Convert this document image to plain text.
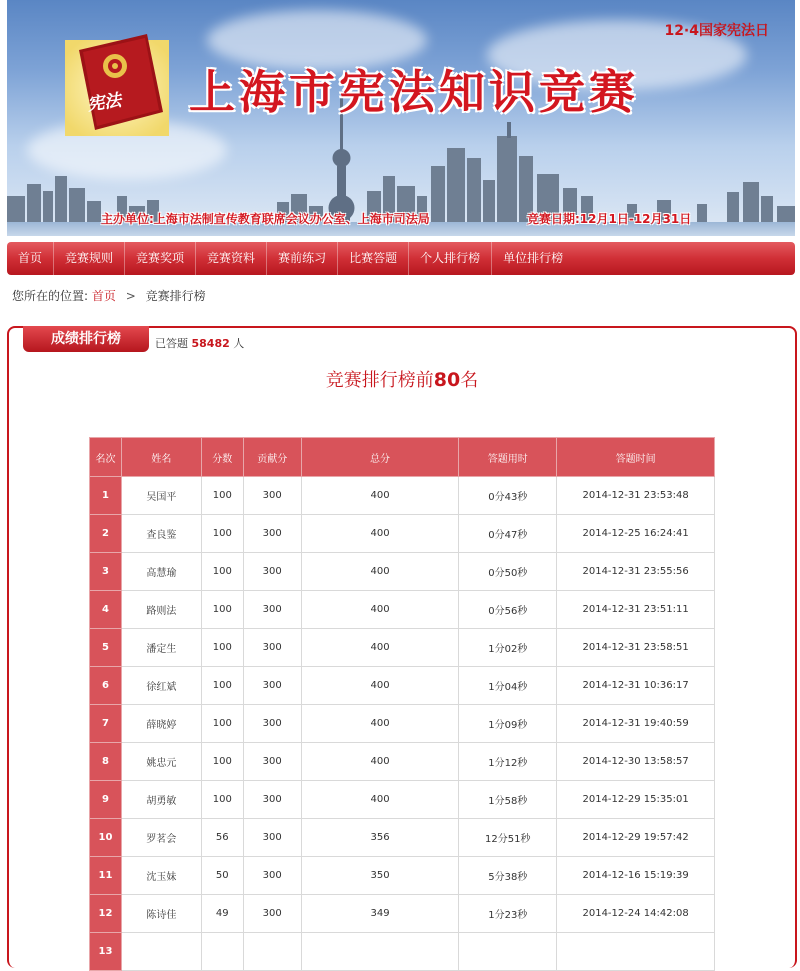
12·4国家宪法日
宪法 上海市宪法知识竞赛
主办单位:上海市法制宣传教育联席会议办公室、上海市司法局	竞赛日期:12月1日-12月31日
首页	竞赛规则	竞赛奖项	竞赛资料	赛前练习	比赛答题	个人排行榜	单位排行榜
您所在的位置: 首页 > 竞赛排行榜
成绩排行榜	已答题 58482 人
竞赛排行榜前80名
名次	姓名	分数	贡献分	总分	答题用时	答题时间
1	吴国平	100	300	400	0分43秒	2014-12-31 23:53:48
2	查良鉴	100	300	400	0分47秒	2014-12-25 16:24:41
3	高慧瑜	100	300	400	0分50秒	2014-12-31 23:55:56
4	路则法	100	300	400	0分56秒	2014-12-31 23:51:11
5	潘定生	100	300	400	1分02秒	2014-12-31 23:58:51
6	徐红斌	100	300	400	1分04秒	2014-12-31 10:36:17
7	薛晓婷	100	300	400	1分09秒	2014-12-31 19:40:59
8	姚忠元	100	300	400	1分12秒	2014-12-30 13:58:57
9	胡勇敏	100	300	400	1分58秒	2014-12-29 15:35:01
10	罗茗会	56	300	356	12分51秒	2014-12-29 19:57:42
11	沈玉妹	50	300	350	5分38秒	2014-12-16 15:19:39
12	陈诗佳	49	300	349	1分23秒	2014-12-24 14:42:08
13						
